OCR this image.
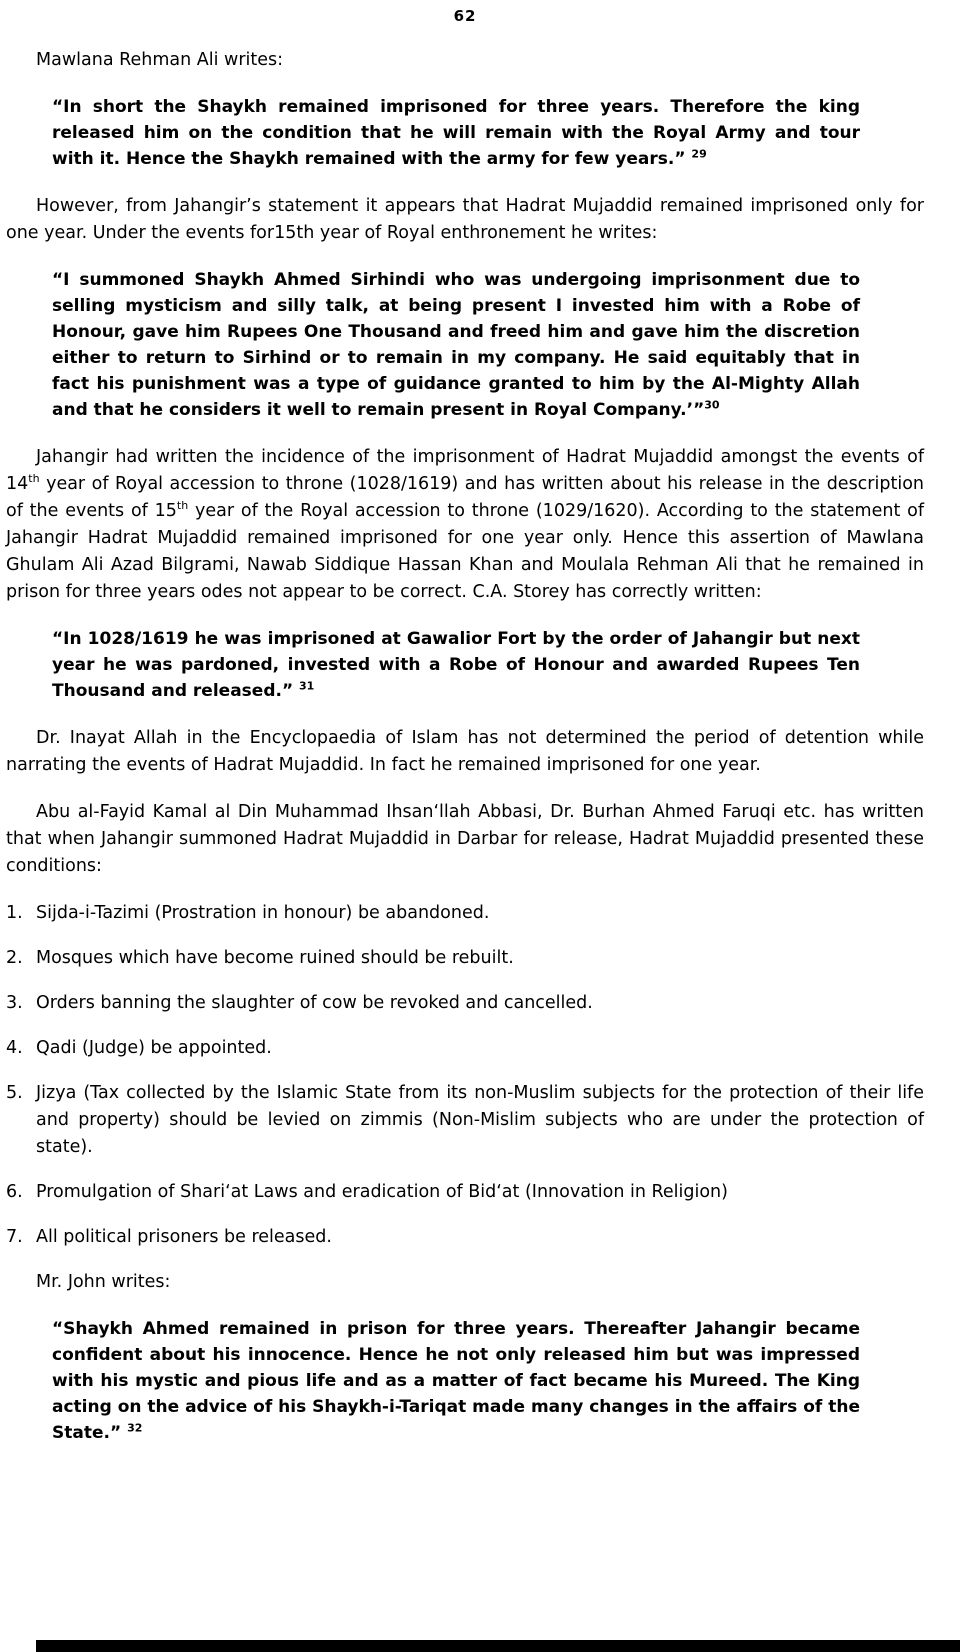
62

Mawlana Rehman Ali writes:

“In short the Shaykh remained imprisoned for three years. Therefore the king released him on the condition that he will remain with the Royal Army and tour with it. Hence the Shaykh remained with the army for few years.” $^{29}$

However, from Jahangir’s statement it appears that Hadrat Mujaddid remained imprisoned only for one year. Under the events for15th year of Royal enthronement he writes:

“I summoned Shaykh Ahmed Sirhindi who was undergoing imprisonment due to selling mysticism and silly talk, at being present I invested him with a Robe of Honour, gave him Rupees One Thousand and freed him and gave him the discretion either to return to Sirhind or to remain in my company. He said equitably that in fact his punishment was a type of guidance granted to him by the Al-Mighty Allah and that he considers it well to remain present in Royal Company.’”$^{30}$

Jahangir had written the incidence of the imprisonment of Hadrat Mujaddid amongst the events of 14th year of Royal accession to throne (1028/1619) and has written about his release in the description of the events of 15th year of the Royal accession to throne (1029/1620). According to the statement of Jahangir Hadrat Mujaddid remained imprisoned for one year only. Hence this assertion of Mawlana Ghulam Ali Azad Bilgrami, Nawab Siddique Hassan Khan and Moulala Rehman Ali that he remained in prison for three years odes not appear to be correct. C.A. Storey has correctly written:

“In 1028/1619 he was imprisoned at Gawalior Fort by the order of Jahangir but next year he was pardoned, invested with a Robe of Honour and awarded Rupees Ten Thousand and released.” $^{31}$

Dr. Inayat Allah in the Encyclopaedia of Islam has not determined the period of detention while narrating the events of Hadrat Mujaddid. In fact he remained imprisoned for one year.

Abu al-Fayid Kamal al Din Muhammad Ihsan‘llah Abbasi, Dr. Burhan Ahmed Faruqi etc. has written that when Jahangir summoned Hadrat Mujaddid in Darbar for release, Hadrat Mujaddid presented these conditions:

1. Sijda-i-Tazimi (Prostration in honour) be abandoned.
2. Mosques which have become ruined should be rebuilt.
3. Orders banning the slaughter of cow be revoked and cancelled.
4. Qadi (Judge) be appointed.
5. Jizya (Tax collected by the Islamic State from its non-Muslim subjects for the protection of their life and property) should be levied on zimmis (Non-Mislim subjects who are under the protection of state).
6. Promulgation of Shari‘at Laws and eradication of Bid‘at (Innovation in Religion)
7. All political prisoners be released.

Mr. John writes:

“Shaykh Ahmed remained in prison for three years. Thereafter Jahangir became confident about his innocence. Hence he not only released him but was impressed with his mystic and pious life and as a matter of fact became his Mureed. The King acting on the advice of his Shaykh-i-Tariqat made many changes in the affairs of the State.” $^{32}$
